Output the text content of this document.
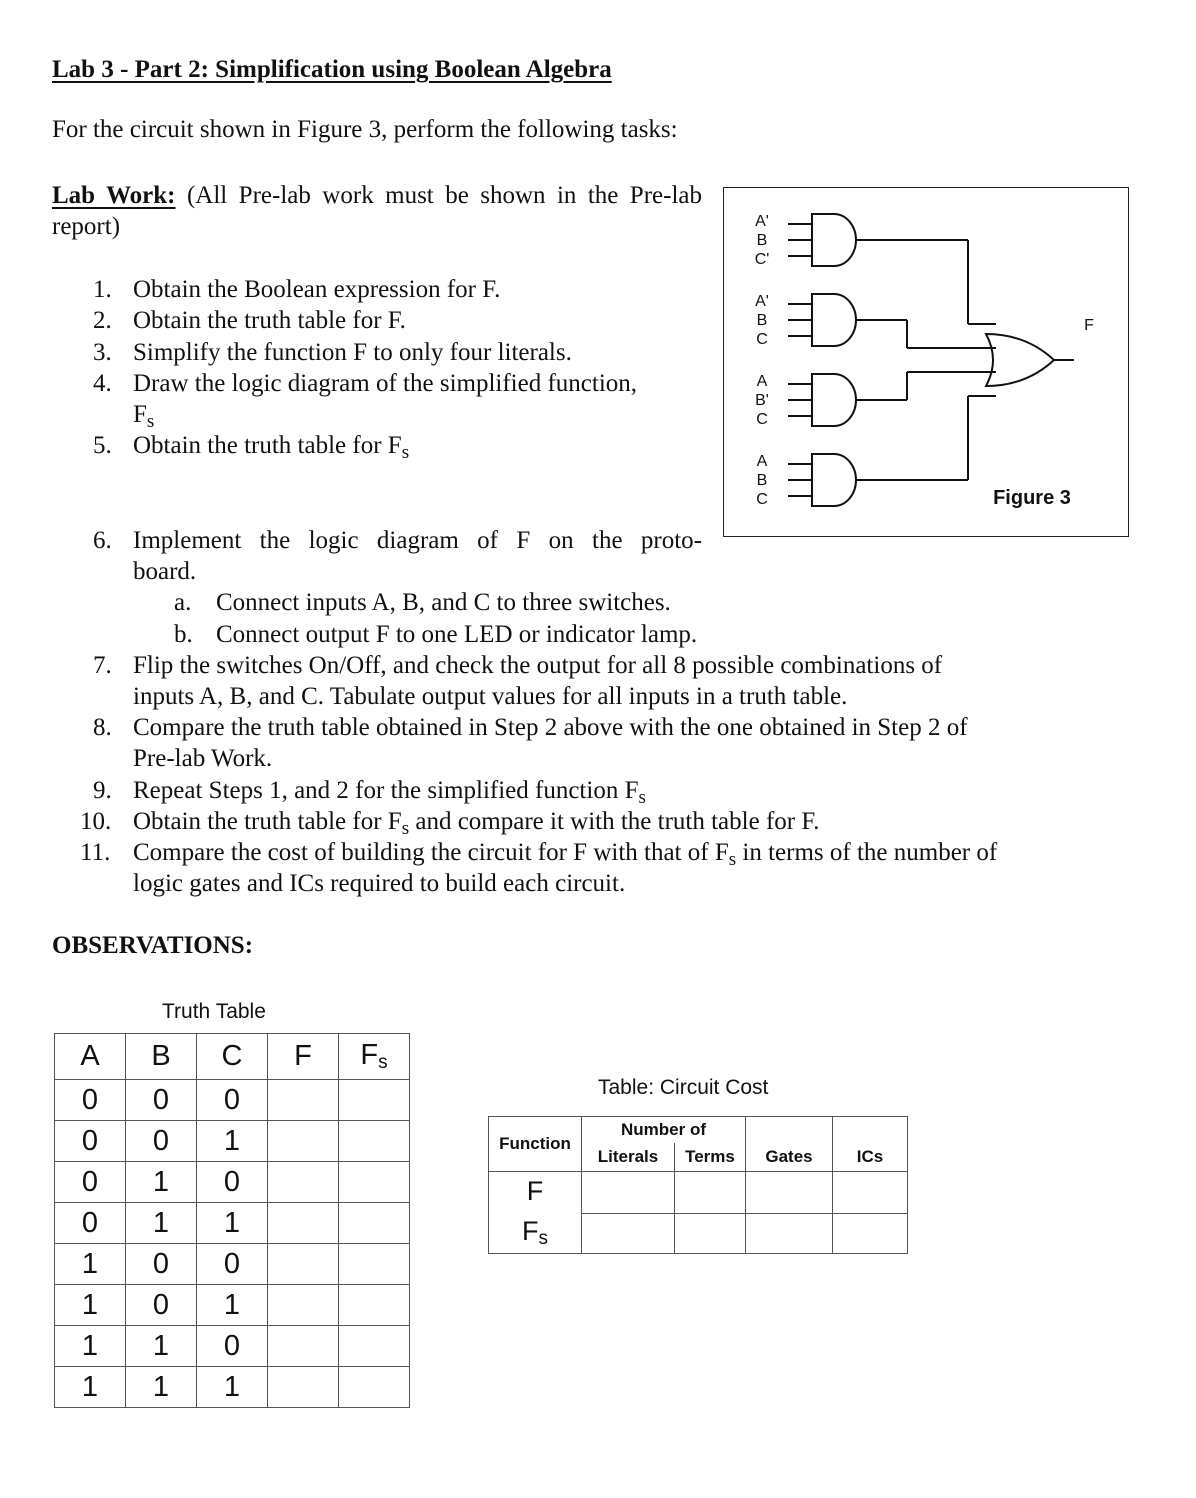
Lab 3 - Part 2: Simplification using Boolean Algebra
For the circuit shown in Figure 3, perform the following tasks:
Lab Work: (All Pre-lab work must be shown in the Pre-lab report)
1. Obtain the Boolean expression for F.
2. Obtain the truth table for F.
3. Simplify the function F to only four literals.
4. Draw the logic diagram of the simplified function,
$F_s$
5. Obtain the truth table for $F_s$
6. Implement the logic diagram of F on the proto-
board.
a. Connect inputs A, B, and C to three switches.
b. Connect output F to one LED or indicator lamp.
7. Flip the switches On/Off, and check the output for all 8 possible combinations of
inputs A, B, and C. Tabulate output values for all inputs in a truth table.
8. Compare the truth table obtained in Step 2 above with the one obtained in Step 2 of
Pre-lab Work.
9. Repeat Steps 1, and 2 for the simplified function $F_s$
10. Obtain the truth table for $F_s$ and compare it with the truth table for F.
11. Compare the cost of building the circuit for F with that of $F_s$ in terms of the number of
logic gates and ICs required to build each circuit.
A'
B
C'
A'
B
C
A
B'
C
A
B
C
F
Figure 3
OBSERVATIONS:
Truth Table
A	B	C	F	Fs
0	0	0		
0	0	1		
0	1	0		
0	1	1		
1	0	0		
1	0	1		
1	1	0		
1	1	1		
Table: Circuit Cost
Function	Number of			
	Literals	Terms	Gates	ICs
F				
Fs				
